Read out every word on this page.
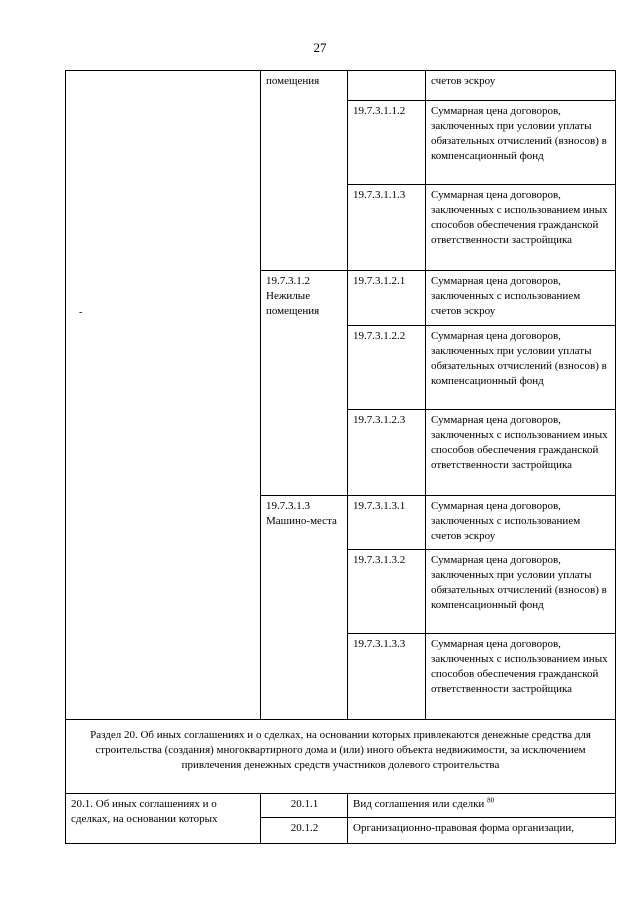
27
-
	помещения		счетов эскроу
		19.7.3.1.1.2	Суммарная цена договоров, заключенных при условии уплаты обязательных отчислений (взносов) в компенсационный фонд
		19.7.3.1.1.3	Суммарная цена договоров, заключенных с использованием иных способов обеспечения гражданской ответственности застройщика
	19.7.3.1.2 Нежилые помещения	19.7.3.1.2.1	Суммарная цена договоров, заключенных с использованием счетов эскроу
		19.7.3.1.2.2	Суммарная цена договоров, заключенных при условии уплаты обязательных отчислений (взносов) в компенсационный фонд
		19.7.3.1.2.3	Суммарная цена договоров, заключенных с использованием иных способов обеспечения гражданской ответственности застройщика
	19.7.3.1.3 Машино-места	19.7.3.1.3.1	Суммарная цена договоров, заключенных с использованием счетов эскроу
		19.7.3.1.3.2	Суммарная цена договоров, заключенных при условии уплаты обязательных отчислений (взносов) в компенсационный фонд
		19.7.3.1.3.3	Суммарная цена договоров, заключенных с использованием иных способов обеспечения гражданской ответственности застройщика
Раздел 20. Об иных соглашениях и о сделках, на основании которых привлекаются денежные средства для строительства (создания) многоквартирного дома и (или) иного объекта недвижимости, за исключением привлечения денежных средств участников долевого строительства			
20.1. Об иных соглашениях и о сделках, на основании которых	20.1.1	Вид соглашения или сделки $^{80}$
	20.1.2	Организационно-правовая форма организации,	
